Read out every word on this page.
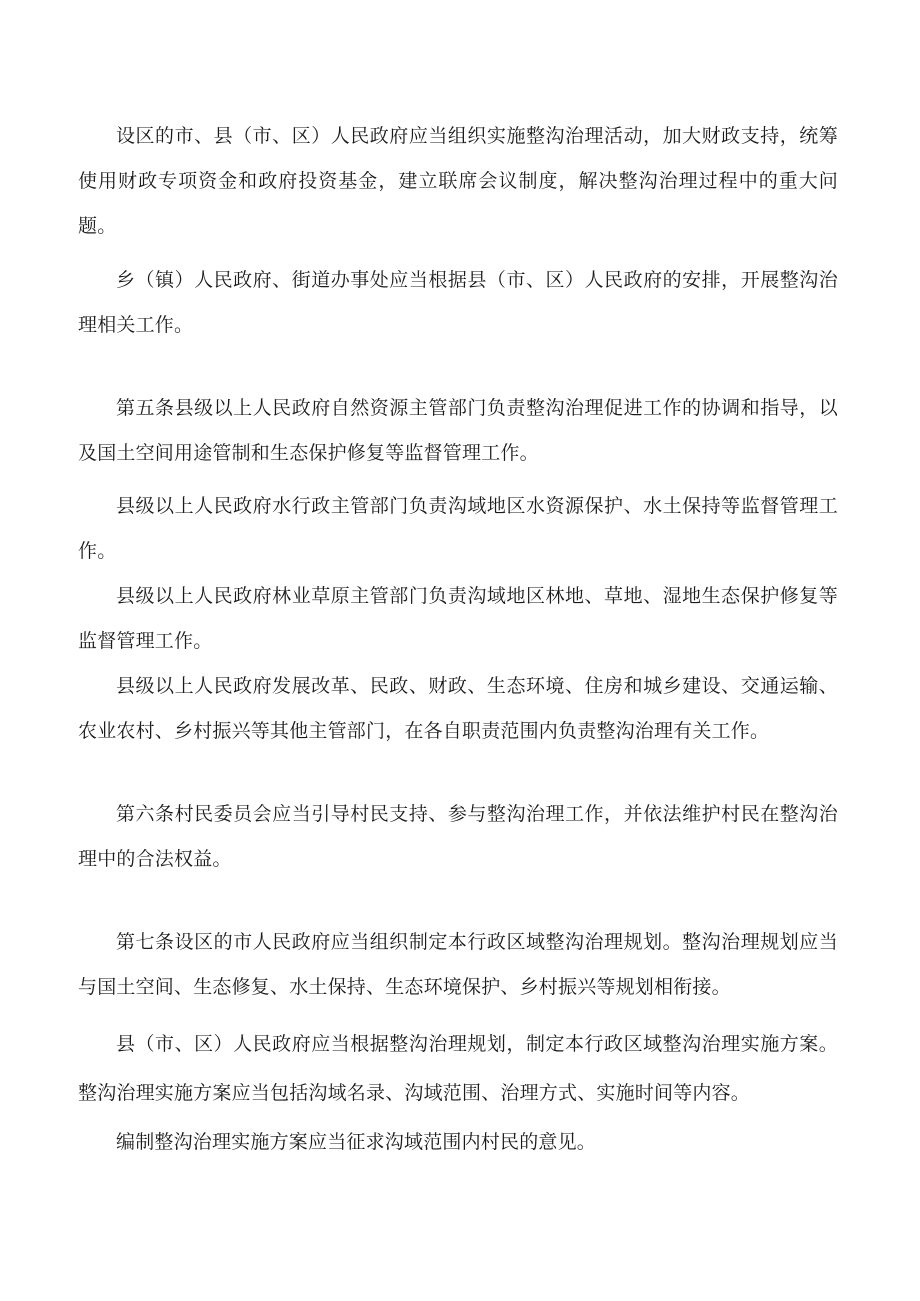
设区的市、县（市、区）人民政府应当组织实施整沟治理活动，加大财政支持，统筹使用财政专项资金和政府投资基金，建立联席会议制度，解决整沟治理过程中的重大问题。

乡（镇）人民政府、街道办事处应当根据县（市、区）人民政府的安排，开展整沟治理相关工作。

第五条县级以上人民政府自然资源主管部门负责整沟治理促进工作的协调和指导，以及国土空间用途管制和生态保护修复等监督管理工作。

县级以上人民政府水行政主管部门负责沟域地区水资源保护、水土保持等监督管理工作。

县级以上人民政府林业草原主管部门负责沟域地区林地、草地、湿地生态保护修复等监督管理工作。

县级以上人民政府发展改革、民政、财政、生态环境、住房和城乡建设、交通运输、农业农村、乡村振兴等其他主管部门，在各自职责范围内负责整沟治理有关工作。

第六条村民委员会应当引导村民支持、参与整沟治理工作，并依法维护村民在整沟治理中的合法权益。

第七条设区的市人民政府应当组织制定本行政区域整沟治理规划。整沟治理规划应当与国土空间、生态修复、水土保持、生态环境保护、乡村振兴等规划相衔接。

县（市、区）人民政府应当根据整沟治理规划，制定本行政区域整沟治理实施方案。整沟治理实施方案应当包括沟域名录、沟域范围、治理方式、实施时间等内容。

编制整沟治理实施方案应当征求沟域范围内村民的意见。
